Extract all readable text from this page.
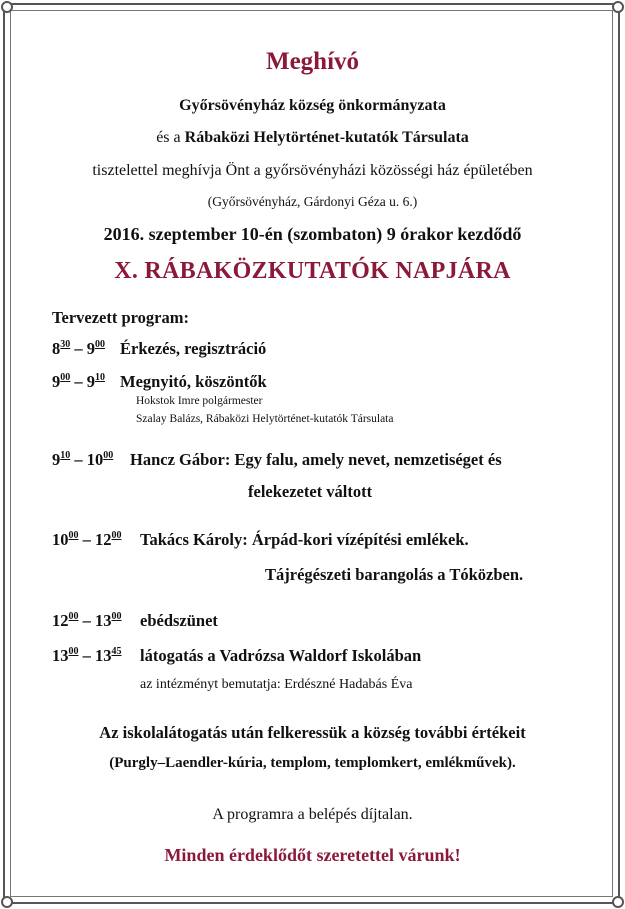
Meghívó
Győrsövényház község önkormányzata
és a Rábaközi Helytörténet-kutatók Társulata
tisztelettel meghívja Önt a győrsövényházi közösségi ház épületében
(Győrsövényház, Gárdonyi Géza u. 6.)
2016. szeptember 10-én (szombaton) 9 órakor kezdődő
X. RÁBAKÖZKUTATÓK NAPJÁRA
Tervezett program:
$8^{30} - 9^{00}$ Érkezés, regisztráció
$9^{00} - 9^{10}$ Megnyitó, köszöntők
Hokstok Imre polgármester
Szalay Balázs, Rábaközi Helytörténet-kutatók Társulata
$9^{10} - 10^{00}$ Hancz Gábor: Egy falu, amely nevet, nemzetiséget és
felekezetet váltott
$10^{00} - 12^{00}$ Takács Károly: Árpád-kori vízépítési emlékek.
Tájrégészeti barangolás a Tóközben.
$12^{00} - 13^{00}$ ebédszünet
$13^{00} - 13^{45}$ látogatás a Vadrózsa Waldorf Iskolában
az intézményt bemutatja: Erdészné Hadabás Éva
Az iskolalátogatás után felkeressük a község további értékeit
(Purgly–Laendler-kúria, templom, templomkert, emlékművek).
A programra a belépés díjtalan.
Minden érdeklődőt szeretettel várunk!
